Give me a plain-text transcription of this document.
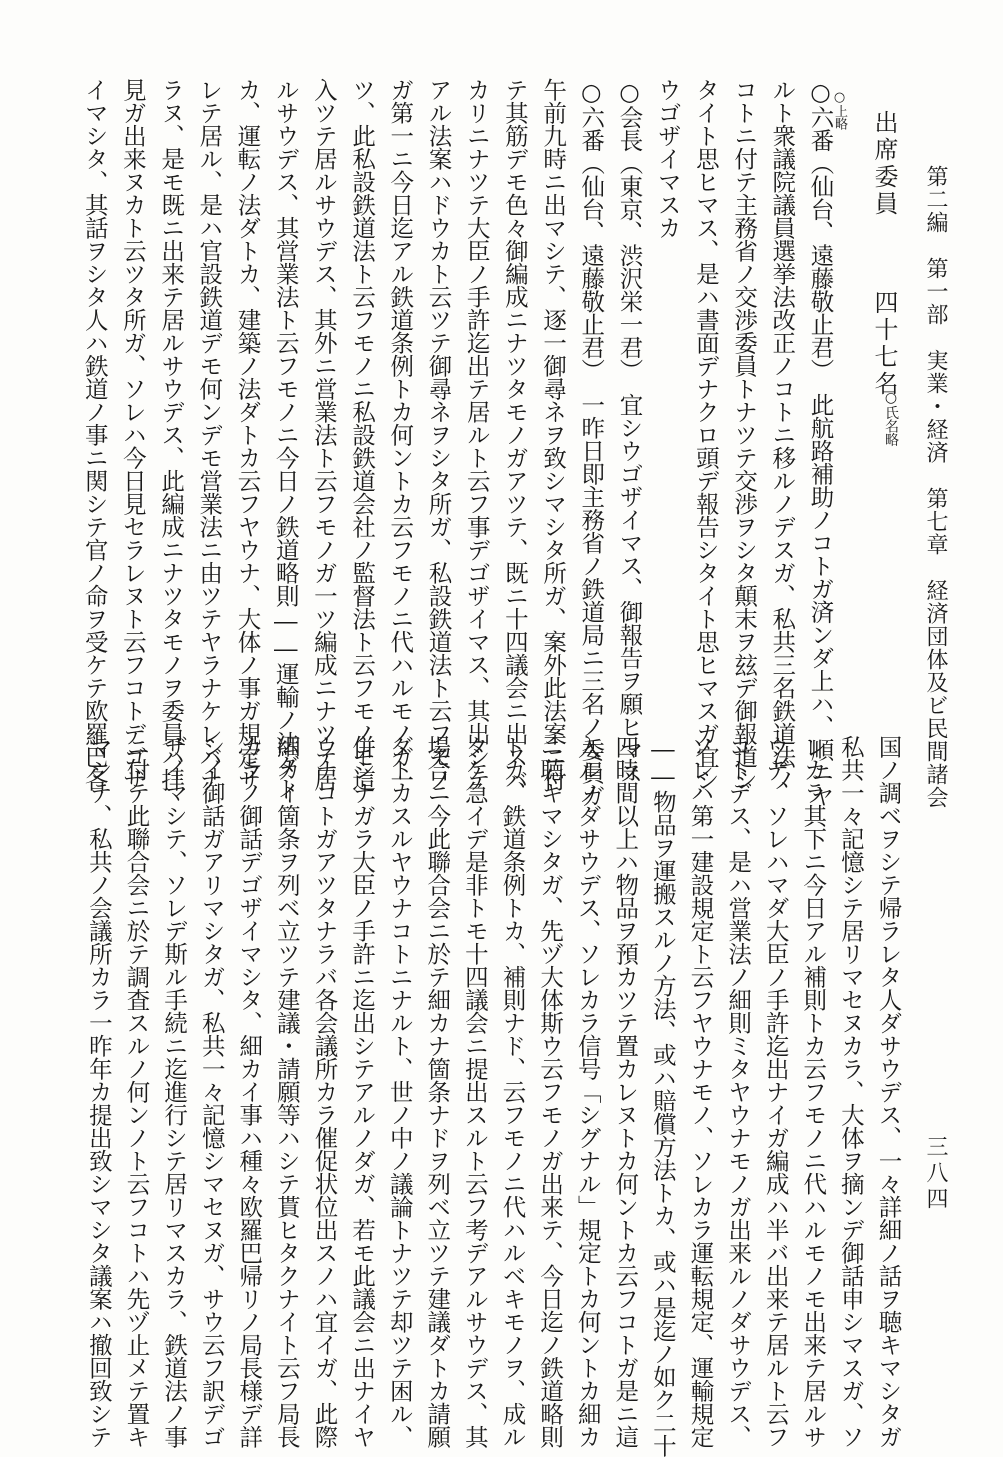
第二編　第一部　実業・経済　第七章　経済団体及ビ民間諸会
三八四
出席委員
四十七名
○氏名略
○上略
○六番（仙台、遠藤敬止君）　此航路補助ノコトガ済ンダ上ハ、順ニヤ
ルト衆議院議員選挙法改正ノコトニ移ルノデスガ、私共三名鉄道法ノ
コトニ付テ主務省ノ交渉委員トナツテ交渉ヲシタ顛末ヲ玆デ御報道シ
タイト思ヒマス、是ハ書面デナクロ頭デ報告シタイト思ヒマスガ宜シ
ウゴザイマスカ
○会長（東京、渋沢栄一君）　宜シウゴザイマス、御報告ヲ願ヒマス
○六番（仙台、遠藤敬止君）　一昨日即主務省ノ鉄道局ニ三名ノ委員ガ
午前九時ニ出マシテ、逐一御尋ネヲ致シマシタ所ガ、案外此法案ニ付
テ其筋デモ色々御編成ニナツタモノガアツテ、既ニ十四議会ニ出スバ
カリニナツテ大臣ノ手許迄出テ居ルト云フ事デゴザイマス、其出シテ
アル法案ハドウカト云ツテ御尋ネヲシタ所ガ、私設鉄道法ト云フモノ
ガ第一ニ今日迄アル鉄道条例トカ何ントカ云フモノニ代ハルモノガ一
ツ、此私設鉄道法ト云フモノニ私設鉄道会社ノ監督法ト云フモノモ這
入ツテ居ルサウデス、其外ニ営業法ト云フモノガ一ツ編成ニナツテ居
ルサウデス、其営業法ト云フモノニ今日ノ鉄道略則――運輸ノ法ダト
カ、運転ノ法ダトカ、建築ノ法ダトカ云フヤウナ、大体ノ事ガ規定サ
レテ居ル、是ハ官設鉄道デモ何ンデモ営業法ニ由ツテヤラナケレバナ
ラヌ、是モ既ニ出来テ居ルサウデス、此編成ニナツタモノヲ委員ハ拝
見ガ出来ヌカト云ツタ所ガ、ソレハ今日見セラレヌト云フコトデゴザ
イマシタ、其話ヲシタ人ハ鉄道ノ事ニ関シテ官ノ命ヲ受ケテ欧羅巴各
国ノ調ベヲシテ帰ラレタ人ダサウデス、一々詳細ノ話ヲ聴キマシタガ
私共一々記憶シテ居リマセヌカラ、大体ヲ摘ンデ御話申シマスガ、ソ
レカラ其下ニ今日アル補則トカ云フモノニ代ハルモノモ出来テ居ルサ
ウデ、ソレハマダ大臣ノ手許迄出ナイガ編成ハ半バ出来テ居ルト云フ
コトデス、是ハ営業法ノ細則ミタヤウナモノガ出来ルノダサウデス、
ソレハ第一建設規定ト云フヤウナモノ、ソレカラ運転規定、運輸規定
――物品ヲ運搬スルノ方法、或ハ賠償方法トカ、或ハ是迄ノ如ク二十
四時間以上ハ物品ヲ預カツテ置カレヌトカ何ントカ云フコトガ是ニ這
入ルノダサウデス、ソレカラ信号「シグナル」規定トカ何ントカ細カ
ニ聴キマシタガ、先ヅ大体斯ウ云フモノガ出来テ、今日迄ノ鉄道略則
トカ、鉄道条例トカ、補則ナド、云フモノニ代ハルベキモノヲ、成ル
タケ急イデ是非トモ十四議会ニ提出スルト云フ考デアルサウデス、其
場合ニ今此聯合会ニ於テ細カナ箇条ナドヲ列ベ立ツテ建議ダトカ請願
ダトカスルヤウナコトニナルト、世ノ中ノ議論トナツテ却ツテ困ル、
併シナガラ大臣ノ手許ニ迄出シテアルノダガ、若モ此議会ニ出ナイヤ
ウナコトガアツタナラバ各会議所カラ催促状位出スノハ宜イガ、此際
細カイ箇条ヲ列ベ立ツテ建議・請願等ハシテ貰ヒタクナイト云フ局長
カラノ御話デゴザイマシタ、細カイ事ハ種々欧羅巴帰リノ局長様デ詳
シイ御話ガアリマシタガ、私共一々記憶シマセヌガ、サウ云フ訳デゴ
ザイマシテ、ソレデ斯ル手続ニ迄進行シテ居リマスカラ、鉄道法ノ事
ニ付テ此聯合会ニ於テ調査スルノ何ンノト云フコトハ先ヅ止メテ置キ
マシテ、私共ノ会議所カラ一昨年カ提出致シマシタ議案ハ撤回致シテ
